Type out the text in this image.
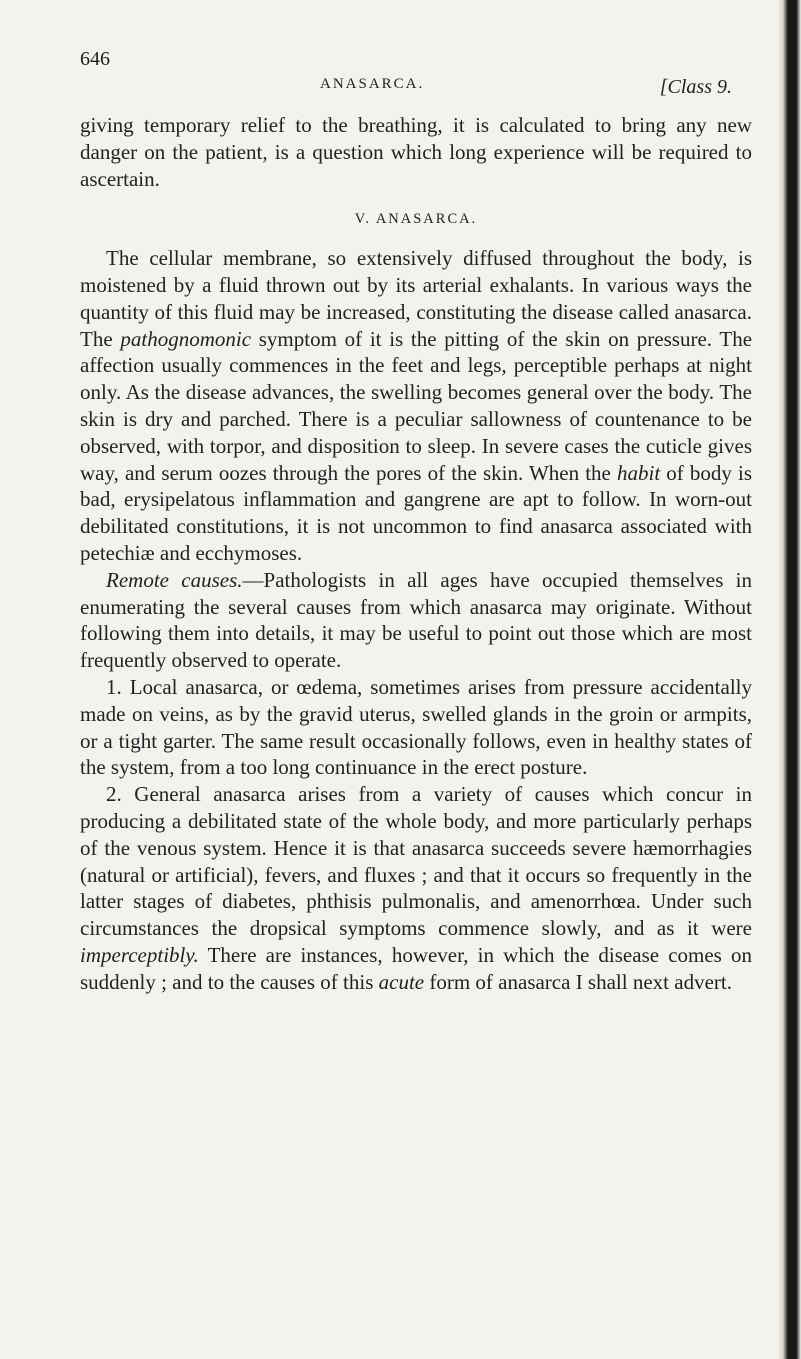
646
ANASARCA.	[Class 9.

giving temporary relief to the breathing, it is calculated to bring any new danger on the patient, is a question which long experience will be required to ascertain.

V. ANASARCA.

The cellular membrane, so extensively diffused throughout the body, is moistened by a fluid thrown out by its arterial exhalants. In various ways the quantity of this fluid may be increased, constituting the disease called anasarca. The pathognomonic symptom of it is the pitting of the skin on pressure. The affection usually commences in the feet and legs, perceptible perhaps at night only. As the disease advances, the swelling becomes general over the body. The skin is dry and parched. There is a peculiar sallowness of countenance to be observed, with torpor, and disposition to sleep. In severe cases the cuticle gives way, and serum oozes through the pores of the skin. When the habit of body is bad, erysipelatous inflammation and gangrene are apt to follow. In worn-out debilitated constitutions, it is not uncommon to find anasarca associated with petechiæ and ecchymoses.

Remote causes.—Pathologists in all ages have occupied themselves in enumerating the several causes from which anasarca may originate. Without following them into details, it may be useful to point out those which are most frequently observed to operate.

1. Local anasarca, or œdema, sometimes arises from pressure accidentally made on veins, as by the gravid uterus, swelled glands in the groin or armpits, or a tight garter. The same result occasionally follows, even in healthy states of the system, from a too long continuance in the erect posture.

2. General anasarca arises from a variety of causes which concur in producing a debilitated state of the whole body, and more particularly perhaps of the venous system. Hence it is that anasarca succeeds severe hæmorrhagies (natural or artificial), fevers, and fluxes ; and that it occurs so frequently in the latter stages of diabetes, phthisis pulmonalis, and amenorrhœa. Under such circumstances the dropsical symptoms commence slowly, and as it were imperceptibly. There are instances, however, in which the disease comes on suddenly ; and to the causes of this acute form of anasarca I shall next advert.
